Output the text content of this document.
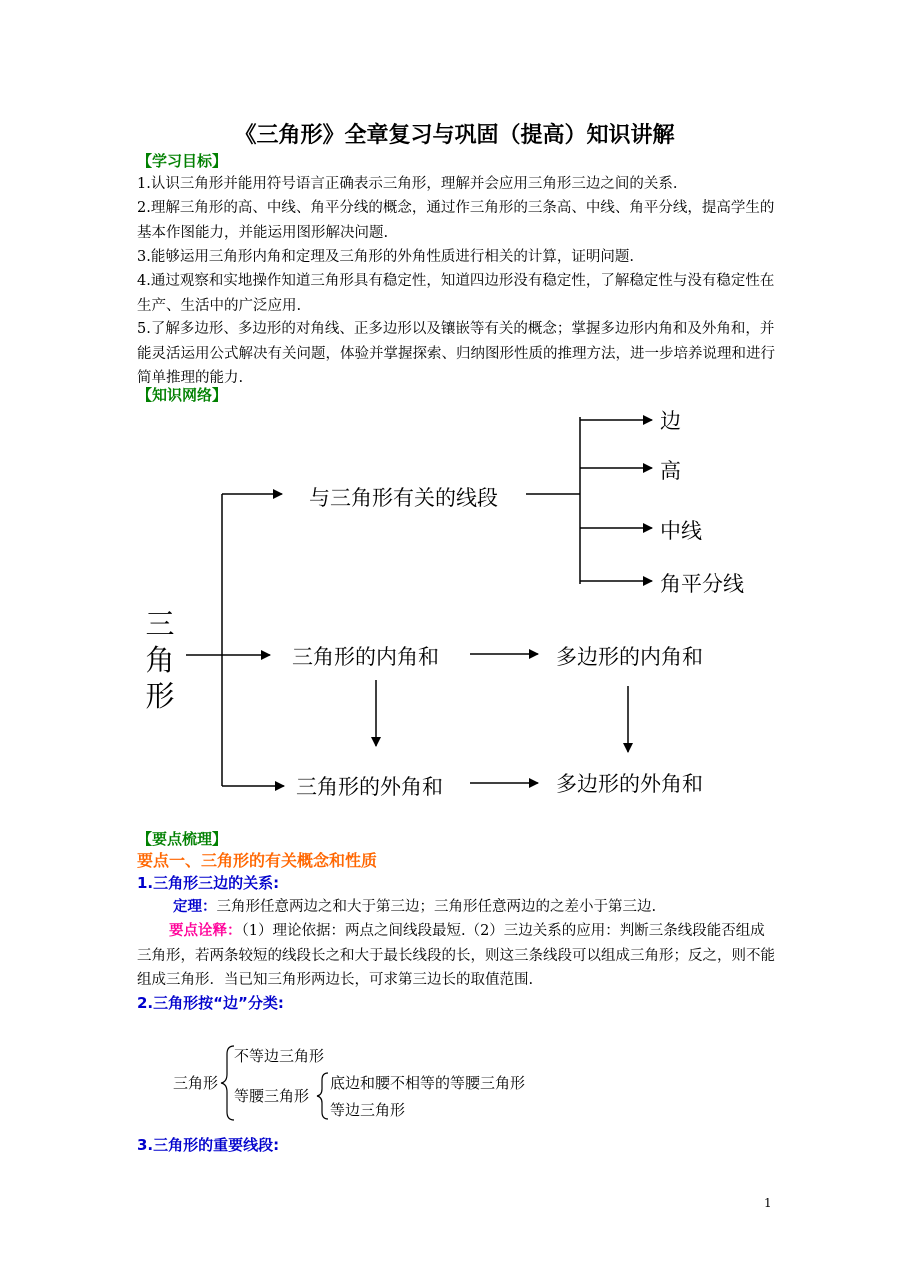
《三角形》全章复习与巩固（提高）知识讲解
【学习目标】
1.认识三角形并能用符号语言正确表示三角形，理解并会应用三角形三边之间的关系.
2.理解三角形的高、中线、角平分线的概念，通过作三角形的三条高、中线、角平分线，提高学生的基本作图能力，并能运用图形解决问题.
3.能够运用三角形内角和定理及三角形的外角性质进行相关的计算，证明问题.
4.通过观察和实地操作知道三角形具有稳定性，知道四边形没有稳定性，了解稳定性与没有稳定性在生产、生活中的广泛应用.
5.了解多边形、多边形的对角线、正多边形以及镶嵌等有关的概念；掌握多边形内角和及外角和，并能灵活运用公式解决有关问题，体验并掌握探索、归纳图形性质的推理方法，进一步培养说理和进行简单推理的能力.
【知识网络】
三
角
形
与三角形有关的线段
边
高
中线
角平分线
三角形的内角和	多边形的内角和
三角形的外角和	多边形的外角和
【要点梳理】
要点一、三角形的有关概念和性质
1.三角形三边的关系:
定理：三角形任意两边之和大于第三边；三角形任意两边的之差小于第三边.
要点诠释：（1）理论依据：两点之间线段最短.（2）三边关系的应用：判断三条线段能否组成三角形，若两条较短的线段长之和大于最长线段的长，则这三条线段可以组成三角形；反之，则不能组成三角形．当已知三角形两边长，可求第三边长的取值范围.
2.三角形按“边”分类:
三角形
不等边三角形
等腰三角形
底边和腰不相等的等腰三角形
等边三角形
3.三角形的重要线段:
1
